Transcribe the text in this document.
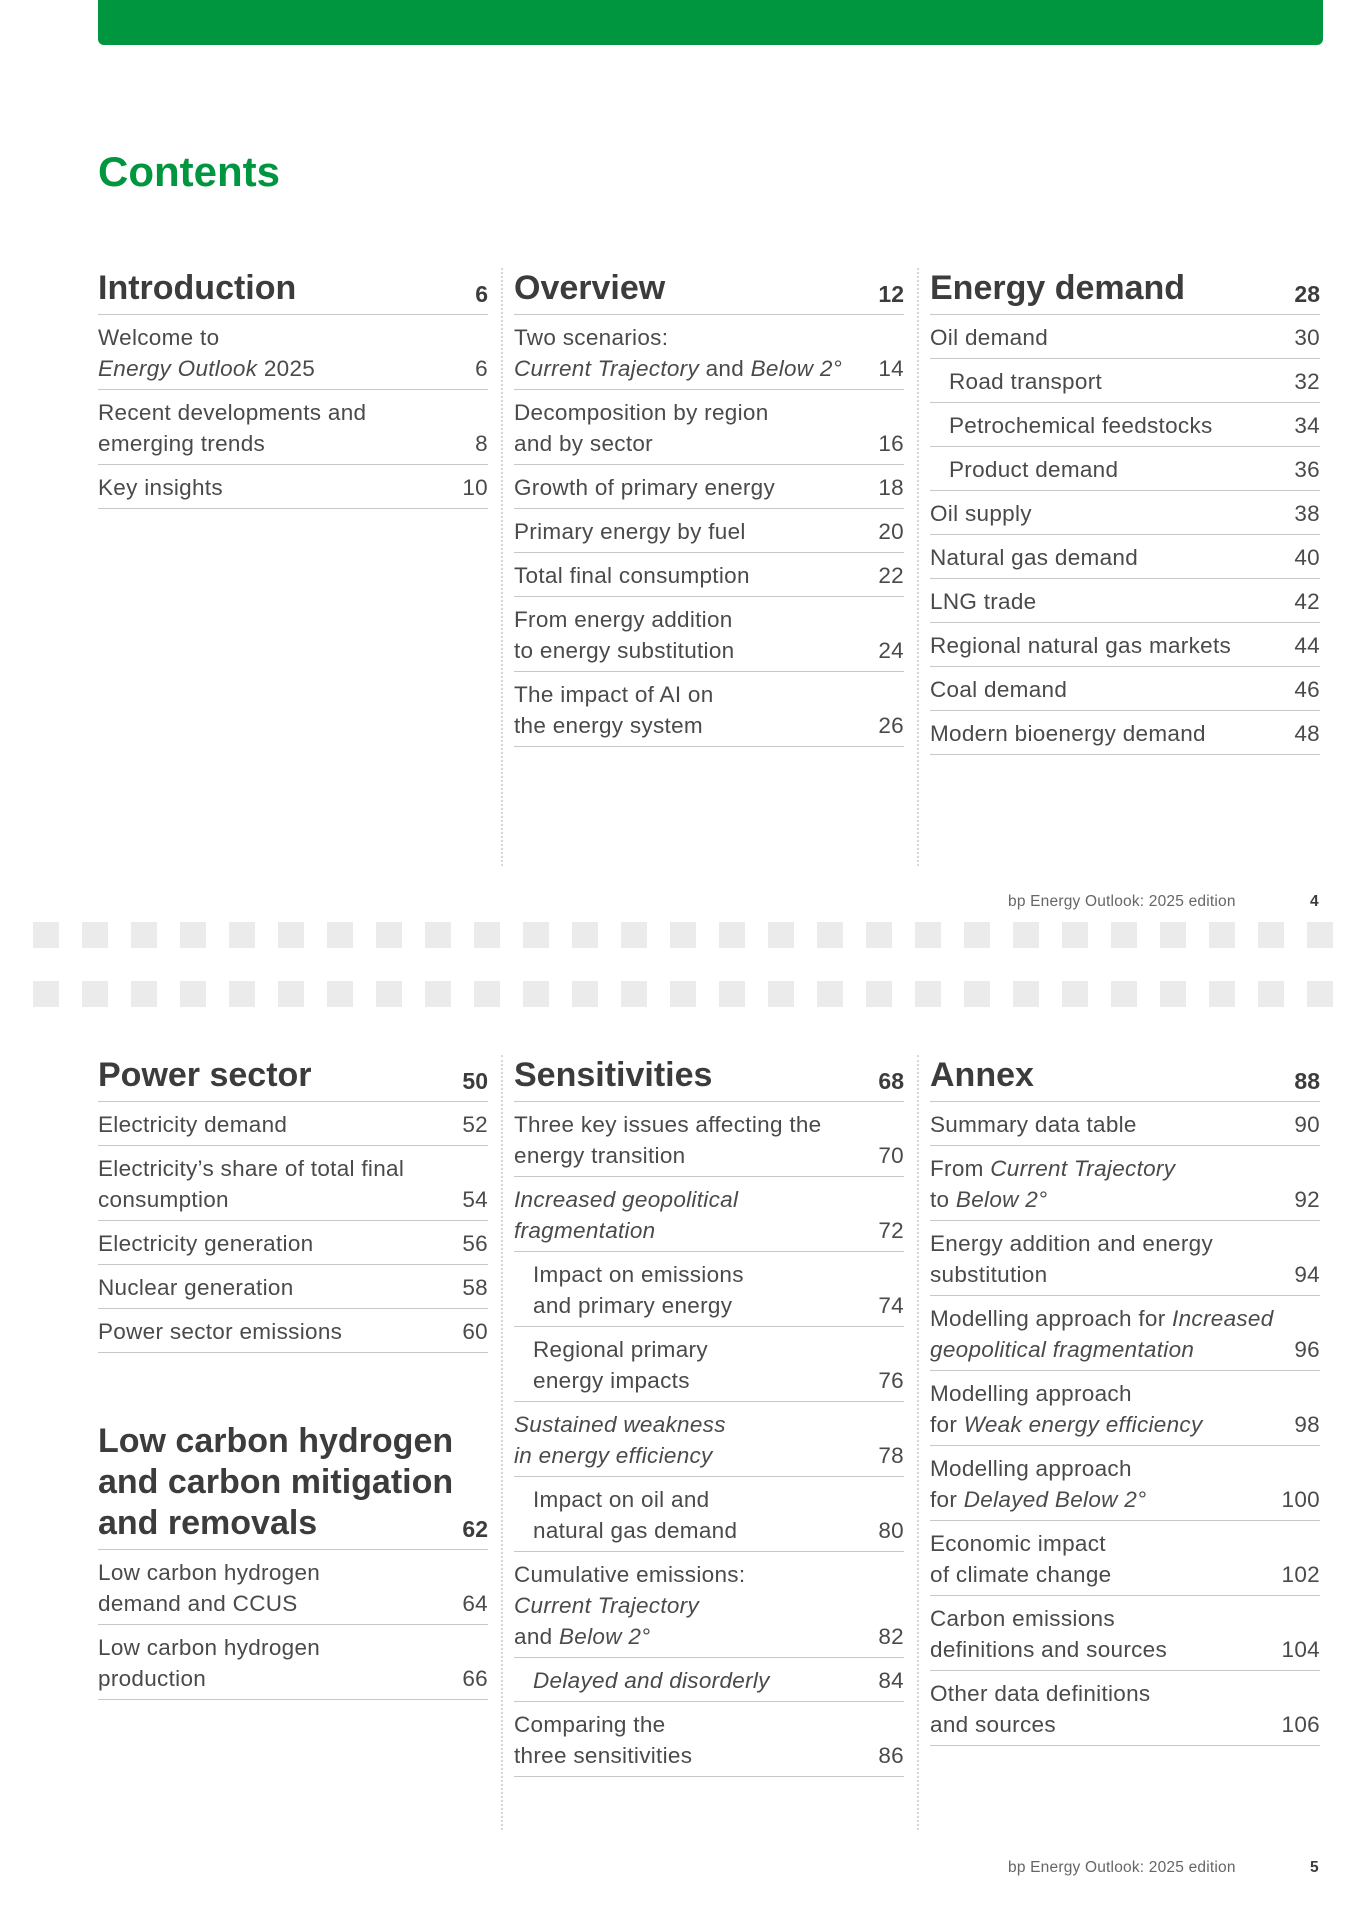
Contents
Introduction	6
Welcome to
Energy Outlook 2025	6
Recent developments and
emerging trends	8
Key insights	10
Overview	12
Two scenarios:
Current Trajectory and Below 2°	14
Decomposition by region
and by sector	16
Growth of primary energy	18
Primary energy by fuel	20
Total final consumption	22
From energy addition
to energy substitution	24
The impact of AI on
the energy system	26
Energy demand	28
Oil demand	30
Road transport	32
Petrochemical feedstocks	34
Product demand	36
Oil supply	38
Natural gas demand	40
LNG trade	42
Regional natural gas markets	44
Coal demand	46
Modern bioenergy demand	48
bp Energy Outlook: 2025 edition	4
Power sector	50
Electricity demand	52
Electricity’s share of total final
consumption	54
Electricity generation	56
Nuclear generation	58
Power sector emissions	60
Low carbon hydrogen
and carbon mitigation
and removals	62
Low carbon hydrogen
demand and CCUS	64
Low carbon hydrogen
production	66
Sensitivities	68
Three key issues affecting the
energy transition	70
Increased geopolitical
fragmentation	72
Impact on emissions
and primary energy	74
Regional primary
energy impacts	76
Sustained weakness
in energy efficiency	78
Impact on oil and
natural gas demand	80
Cumulative emissions:
Current Trajectory
and Below 2°	82
Delayed and disorderly	84
Comparing the
three sensitivities	86
Annex	88
Summary data table	90
From Current Trajectory
to Below 2°	92
Energy addition and energy
substitution	94
Modelling approach for Increased
geopolitical fragmentation	96
Modelling approach
for Weak energy efficiency	98
Modelling approach
for Delayed Below 2°	100
Economic impact
of climate change	102
Carbon emissions
definitions and sources	104
Other data definitions
and sources	106
bp Energy Outlook: 2025 edition	5
